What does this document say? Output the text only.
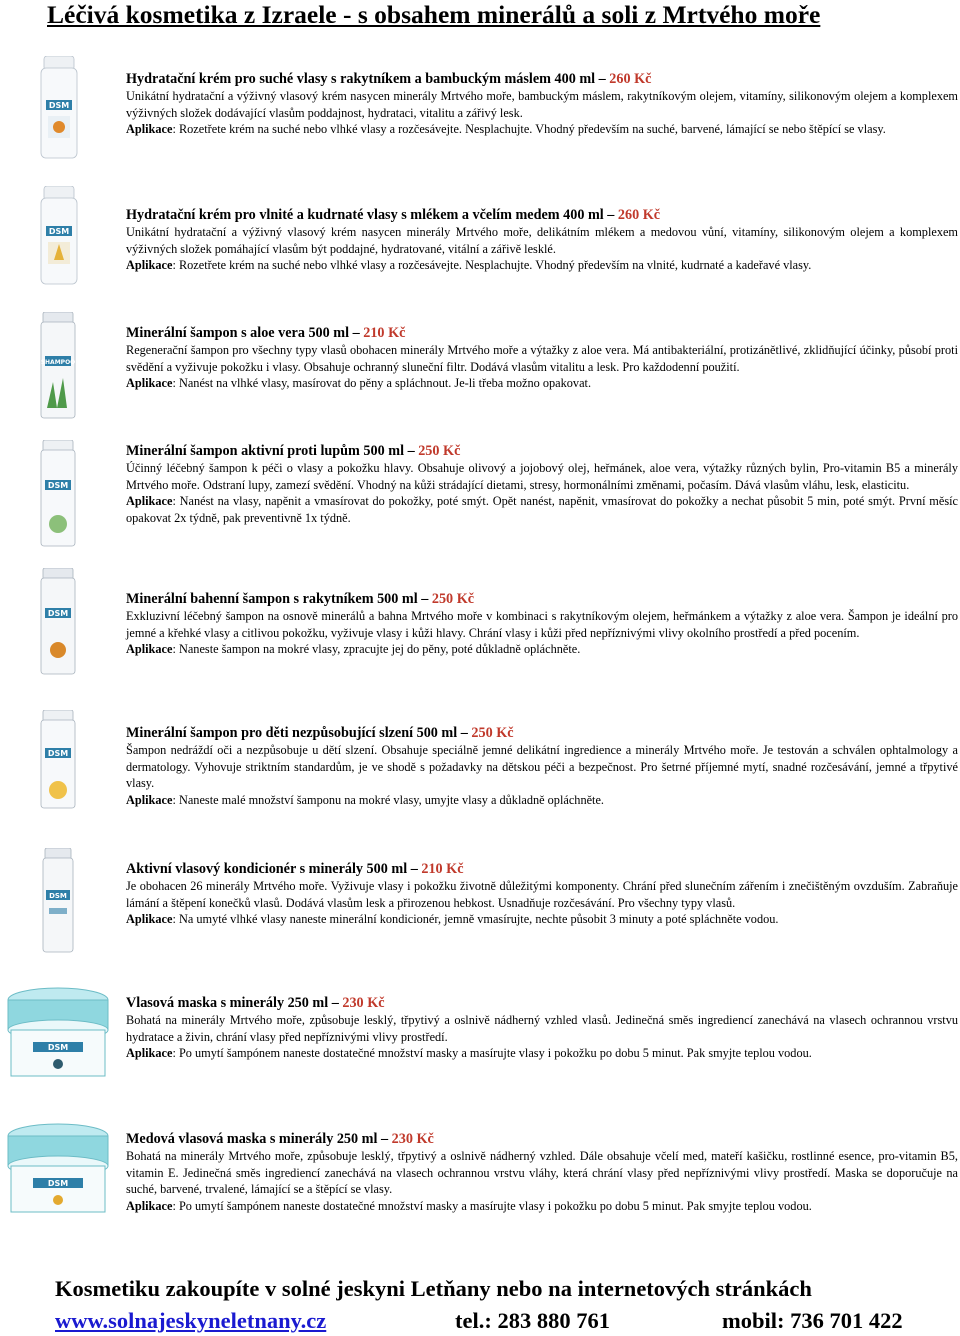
Léčivá kosmetika z Izraele - s obsahem minerálů a soli z Mrtvého moře
DSM
Hydratační krém pro suché vlasy s rakytníkem a bambuckým máslem 400 ml – 260 Kč
Unikátní hydratační a výživný vlasový krém nasycen minerály Mrtvého moře, bambuckým máslem, rakytníkovým olejem, vitamíny, silikonovým olejem a komplexem výživných složek dodávající vlasům poddajnost, hydrataci, vitalitu a zářivý lesk.
Aplikace: Rozetřete krém na suché nebo vlhké vlasy a rozčesávejte. Nesplachujte. Vhodný především na suché, barvené, lámající se nebo štěpící se vlasy.
DSM
Hydratační krém pro vlnité a kudrnaté vlasy s mlékem a včelím medem 400 ml – 260 Kč
Unikátní hydratační a výživný vlasový krém nasycen minerály Mrtvého moře, delikátním mlékem a medovou vůní, vitamíny, silikonovým olejem a komplexem výživných složek pomáhající vlasům být poddajné, hydratované, vitální a zářivě lesklé.
Aplikace: Rozetřete krém na suché nebo vlhké vlasy a rozčesávejte. Nesplachujte. Vhodný především na vlnité, kudrnaté a kadeřavé vlasy.
SHAMPOO
Minerální šampon s aloe vera 500 ml – 210 Kč
Regenerační šampon pro všechny typy vlasů obohacen minerály Mrtvého moře a výtažky z aloe vera. Má antibakteriální, protizánětlivé, zklidňující účinky, působí proti svědění a vyživuje pokožku i vlasy. Obsahuje ochranný sluneční filtr. Dodává vlasům vitalitu a lesk. Pro každodenní použití.
Aplikace: Nanést na vlhké vlasy, masírovat do pěny a spláchnout. Je-li třeba možno opakovat.
DSM
Minerální šampon aktivní proti lupům 500 ml – 250 Kč
Účinný léčebný šampon k péči o vlasy a pokožku hlavy. Obsahuje olivový a jojobový olej, heřmánek, aloe vera, výtažky různých bylin, Pro-vitamin B5 a minerály Mrtvého moře. Odstraní lupy, zamezí svědění. Vhodný na kůži strádající dietami, stresy, hormonálními změnami, počasím. Dává vlasům vláhu, lesk, elasticitu.
Aplikace: Nanést na vlasy, napěnit a vmasírovat do pokožky, poté smýt. Opět nanést, napěnit, vmasírovat do pokožky a nechat působit 5 min, poté smýt. První měsíc opakovat 2x týdně, pak preventivně 1x týdně.
DSM
Minerální bahenní šampon s rakytníkem 500 ml – 250 Kč
Exkluzivní léčebný šampon na osnově minerálů a bahna Mrtvého moře v kombinaci s rakytníkovým olejem, heřmánkem a výtažky z aloe vera. Šampon je ideální pro jemné a křehké vlasy a citlivou pokožku, vyživuje vlasy i kůži hlavy. Chrání vlasy i kůži před nepříznivými vlivy okolního prostředí a před pocením.
Aplikace: Naneste šampon na mokré vlasy, zpracujte jej do pěny, poté důkladně opláchněte.
DSM
Minerální šampon pro děti nezpůsobující slzení 500 ml – 250 Kč
Šampon nedráždí oči a nezpůsobuje u dětí slzení. Obsahuje speciálně jemné delikátní ingredience a minerály Mrtvého moře. Je testován a schválen ophtalmology a dermatology. Vyhovuje striktním standardům, je ve shodě s požadavky na dětskou péči a bezpečnost. Pro šetrné příjemné mytí, snadné rozčesávání, jemné a třpytivé vlasy.
Aplikace: Naneste malé množství šamponu na mokré vlasy, umyjte vlasy a důkladně opláchněte.
DSM
Aktivní vlasový kondicionér s minerály 500 ml – 210 Kč
Je obohacen 26 minerály Mrtvého moře. Vyživuje vlasy i pokožku životně důležitými komponenty. Chrání před slunečním zářením i znečištěným ovzduším. Zabraňuje lámání a štěpení konečků vlasů. Dodává vlasům lesk a přirozenou hebkost. Usnadňuje rozčesávání. Pro všechny typy vlasů.
Aplikace: Na umyté vlhké vlasy naneste minerální kondicionér, jemně vmasírujte, nechte působit 3 minuty a poté spláchněte vodou.
DSM
Vlasová maska s minerály 250 ml – 230 Kč
Bohatá na minerály Mrtvého moře, způsobuje lesklý, třpytivý a oslnivě nádherný vzhled vlasů. Jedinečná směs ingrediencí zanechává na vlasech ochrannou vrstvu hydratace a živin, chrání vlasy před nepříznivými vlivy prostředí.
Aplikace: Po umytí šampónem naneste dostatečné množství masky a masírujte vlasy i pokožku po dobu 5 minut. Pak smyjte teplou vodou.
DSM
Medová vlasová maska s minerály 250 ml – 230 Kč
Bohatá na minerály Mrtvého moře, způsobuje lesklý, třpytivý a oslnivě nádherný vzhled. Dále obsahuje včelí med, mateří kašičku, rostlinné esence, pro-vitamin B5, vitamin E. Jedinečná směs ingrediencí zanechává na vlasech ochrannou vrstvu vláhy, která chrání vlasy před nepříznivými vlivy prostředí. Maska se doporučuje na suché, barvené, trvalené, lámající se a štěpící se vlasy.
Aplikace: Po umytí šampónem naneste dostatečné množství masky a masírujte vlasy i pokožku po dobu 5 minut. Pak smyjte teplou vodou.
Kosmetiku zakoupíte v solné jeskyni Letňany nebo na internetových stránkách
www.solnajeskyneletnany.cz	tel.: 283 880 761	mobil: 736 701 422
